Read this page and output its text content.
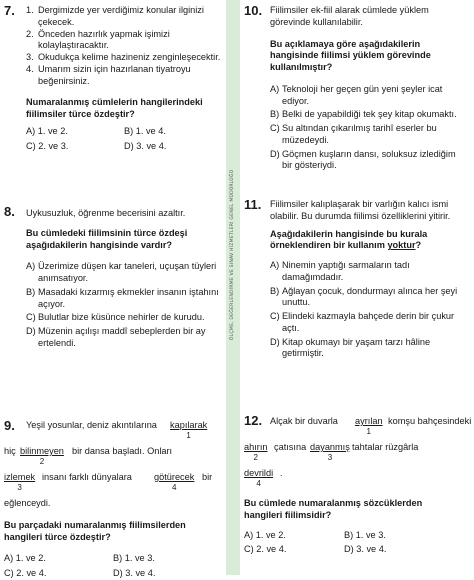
ÖLÇME, DEĞERLENDİRME VE SINAV HİZMETLERİ GENEL MÜDÜRLÜĞÜ
7. 1. Dergimizde yer verdiğimiz konular ilginizi çekecek.
2. Önceden hazırlık yapmak işimizi kolaylaştıracaktır.
3. Okudukça kelime hazineniz zenginleşecektir.
4. Umarım sizin için hazırlanan tiyatroyu beğenirsiniz.

Numaralanmış cümlelerin hangilerindeki fiilimsiler türce özdeştir?

A) 1. ve 2.	B) 1. ve 4.
C) 2. ve 3.	D) 3. ve 4.
8. Uykusuzluk, öğrenme becerisini azaltır.

Bu cümledeki fiilimsinin türce özdeşi aşağıdakilerin hangisinde vardır?

A) Üzerimize düşen kar taneleri, uçuşan tüyleri anımsatıyor.
B) Masadaki kızarmış ekmekler insanın iştahını açıyor.
C) Bulutlar bize küsünce nehirler de kurudu.
D) Müzenin açılışı maddî sebeplerden bir ay ertelendi.
9. Yeşil yosunlar, deniz akıntılarına kapılarak
1
hiç bilinmeyen
2
bir dansa başladı. Onları
izlemek
3
insanı farklı dünyalara götürecek
4
bir

eğlenceydi.

Bu parçadaki numaralanmış fiilimsilerden hangileri türce özdeştir?

A) 1. ve 2.	B) 1. ve 3.
C) 2. ve 4.	D) 3. ve 4.
10. Fiilimsiler ek-fiil alarak cümlede yüklem görevinde kullanılabilir.

Bu açıklamaya göre aşağıdakilerin hangisinde fiilimsi yüklem görevinde kullanılmıştır?

A) Teknoloji her geçen gün yeni şeyler icat ediyor.
B) Belki de yapabildiği tek şey kitap okumaktı.
C) Su altından çıkarılmış tarihî eserler bu müzedeydi.
D) Göçmen kuşların dansı, soluksuz izlediğim bir gösteriydi.
11. Fiilimsiler kalıplaşarak bir varlığın kalıcı ismi olabilir. Bu durumda fiilimsi özelliklerini yitirir.

Aşağıdakilerin hangisinde bu kurala örneklendiren bir kullanım yoktur?

A) Ninemin yaptığı sarmaların tadı damağımdadır.
B) Ağlayan çocuk, dondurmayı alınca her şeyi unuttu.
C) Elindeki kazmayla bahçede derin bir çukur açtı.
D) Kitap okumayı bir yaşam tarzı hâline getirmiştir.
12. Alçak bir duvarla ayrılan
1
komşu bahçesindeki
ahırın
2
çatısına dayanmış
3
tahtalar rüzgârla
devrildi
4
.

Bu cümlede numaralanmış sözcüklerden hangileri fiilimsidir?

A) 1. ve 2.	B) 1. ve 3.
C) 2. ve 4.	D) 3. ve 4.
